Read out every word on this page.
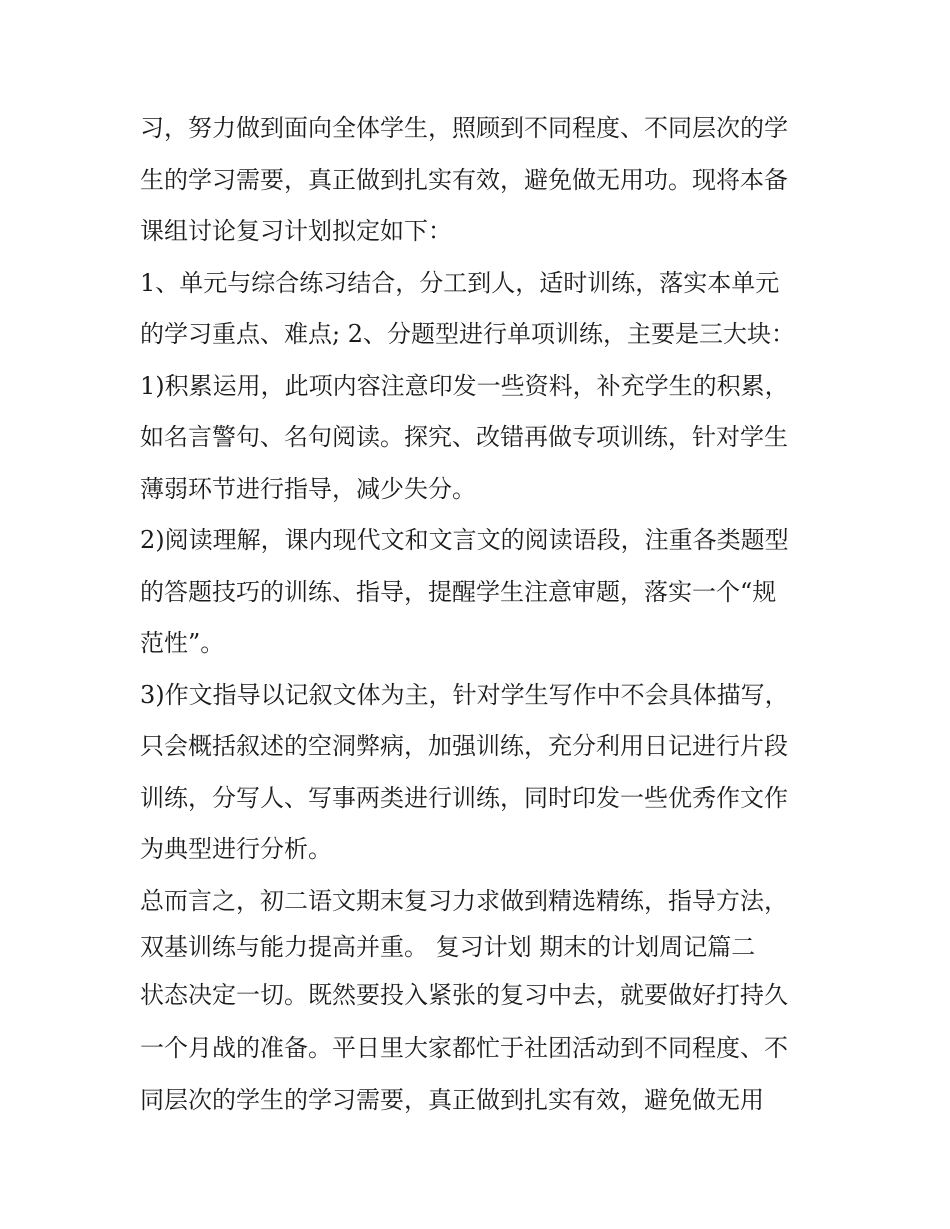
习，努力做到面向全体学生，照顾到不同程度、不同层次的学
生的学习需要，真正做到扎实有效，避免做无用功。现将本备
课组讨论复习计划拟定如下：
1、单元与综合练习结合，分工到人，适时训练，落实本单元
的学习重点、难点; 2、分题型进行单项训练，主要是三大块：
1)积累运用，此项内容注意印发一些资料，补充学生的积累，
如名言警句、名句阅读。探究、改错再做专项训练，针对学生
薄弱环节进行指导，减少失分。
2)阅读理解，课内现代文和文言文的阅读语段，注重各类题型
的答题技巧的训练、指导，提醒学生注意审题，落实一个“规
范性”。
3)作文指导以记叙文体为主，针对学生写作中不会具体描写，
只会概括叙述的空洞弊病，加强训练，充分利用日记进行片段
训练，分写人、写事两类进行训练，同时印发一些优秀作文作
为典型进行分析。
总而言之，初二语文期末复习力求做到精选精练，指导方法，
双基训练与能力提高并重。 复习计划 期末的计划周记篇二
状态决定一切。既然要投入紧张的复习中去，就要做好打持久
一个月战的准备。平日里大家都忙于社团活动到不同程度、不
同层次的学生的学习需要，真正做到扎实有效，避免做无用
